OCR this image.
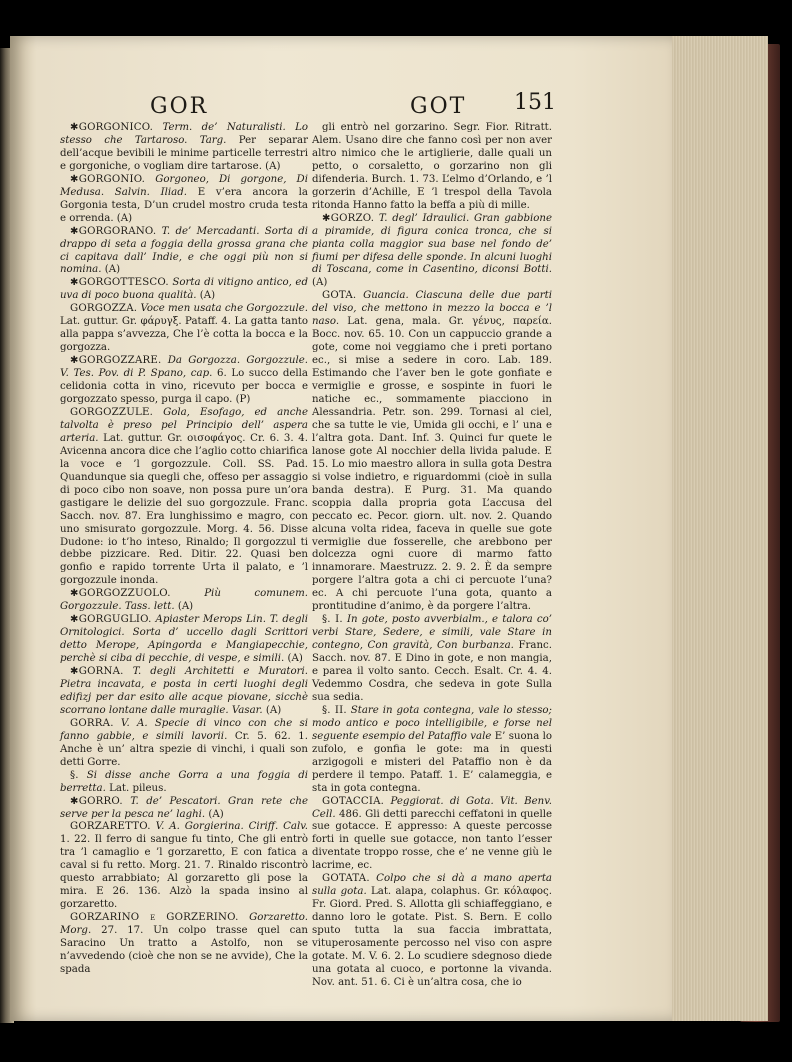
GOR	GOT 151

✱GORGONICO. Term. de’ Naturalisti. Lo stesso che Tartaroso. Targ. Per separar dell’acque bevibili le minime particelle terrestri e gorgoniche, o vogliam dire tartarose. (A)

✱GORGONIO. Gorgoneo, Di gorgone, Di Medusa. Salvin. Iliad. E v’era ancora la Gorgonia testa, D’un crudel mostro cruda testa e orrenda. (A)

✱GORGORANO. T. de’ Mercadanti. Sorta di drappo di seta a foggia della grossa grana che ci capitava dall’ Indie, e che oggi più non si nomina. (A)

✱GORGOTTESCO. Sorta di vitigno antico, ed uva di poco buona qualità. (A)

GORGOZZA. Voce men usata che Gorgozzule. Lat. guttur. Gr. φάρυγξ. Pataff. 4. La gatta tanto alla pappa s’avvezza, Che l’è cotta la bocca e la gorgozza.

✱GORGOZZARE. Da Gorgozza. Gorgozzule. V. Tes. Pov. di P. Spano, cap. 6. Lo succo della celidonia cotta in vino, ricevuto per bocca e gorgozzato spesso, purga il capo. (P)

GORGOZZULE. Gola, Esofago, ed anche talvolta è preso pel Principio dell’ aspera arteria. Lat. guttur. Gr. οισοφάγος. Cr. 6. 3. 4. Avicenna ancora dice che l’aglio cotto chiarifica la voce e ’l gorgozzule. Coll. SS. Pad. Quandunque sia quegli che, offeso per assaggio di poco cibo non soave, non possa pure un’ora gastigare le delizie del suo gorgozzule. Franc. Sacch. nov. 87. Era lunghissimo e magro, con uno smisurato gorgozzule. Morg. 4. 56. Disse Dudone: io t’ho inteso, Rinaldo; Il gorgozzul ti debbe pizzicare. Red. Ditir. 22. Quasi ben gonfio e rapido torrente Urta il palato, e ’l gorgozzule inonda.

✱GORGOZZUOLO.	Più comunem. Gorgozzule. Tass. lett. (A)

✱GORGUGLIO. Apiaster Merops Lin. T. degli Ornitologici. Sorta d’ uccello dagli Scrittori detto Merope, Apingorda e Mangiapecchie, perchè si ciba di pecchie, di vespe, e simili. (A)

✱GORNA. T. degli Architetti e Muratori. Pietra incavata, e posta in certi luoghi degli edifizj per dar esito alle acque piovane, sicchè scorrano lontane dalle muraglie. Vasar. (A)

GORRA. V. A. Specie di vinco con che si fanno gabbie, e simili lavorii. Cr. 5. 62. 1. Anche è un’ altra spezie di vinchi, i quali son detti Gorre.

§. Si disse anche Gorra a una foggia di berretta. Lat. pileus.

✱GORRO. T. de’ Pescatori. Gran rete che serve per la pesca ne’ laghi. (A)

GORZARETTO. V. A. Gorgierina. Ciriff. Calv. 1. 22. Il ferro di sangue fu tinto, Che gli entrò tra ’l camaglio e ’l gorzaretto, E con fatica a caval si fu retto. Morg. 21. 7. Rinaldo riscontrò questo arrabbiato; Al gorzaretto gli pose la mira. E 26. 136. Alzò la spada insino al gorzaretto.

GORZARINO e GORZERINO. Gorzaretto. Morg. 27. 17. Un colpo trasse quel can Saracino Un tratto a Astolfo, non se n’avvedendo (cioè che non se ne avvide), Che la spada

gli entrò nel gorzarino. Segr. Fior. Ritratt. Alem. Usano dire che fanno così per non aver altro nimico che le artiglierie, dalle quali un petto, o corsaletto, o gorzarino non gli difenderia. Burch. 1. 73. L’elmo d’Orlando, e ’l gorzerin d’Achille, E ’l trespol della Tavola ritonda Hanno fatto la beffa a più di mille.

✱GORZO. T. degl’ Idraulici. Gran gabbione a piramide, di figura conica tronca, che si pianta colla maggior sua base nel fondo de’ fiumi per difesa delle sponde. In alcuni luoghi di Toscana, come in Casentino, diconsi Botti. (A)

GOTA. Guancia. Ciascuna delle due parti del viso, che mettono in mezzo la bocca e ’l naso. Lat. gena, mala. Gr. γένυς, παρεία. Bocc. nov. 65. 10. Con un cappuccio grande a gote, come noi veggiamo che i preti portano ec., si mise a sedere in coro. Lab. 189. Estimando che l’aver ben le gote gonfiate e vermiglie e grosse, e sospinte in fuori le natiche ec., sommamente piacciono in Alessandria. Petr. son. 299. Tornasi al ciel, che sa tutte le vie, Umida gli occhi, e l’ una e l’altra gota. Dant. Inf. 3. Quinci fur quete le lanose gote Al nocchier della livida palude. E 15. Lo mio maestro allora in sulla gota Destra si volse indietro, e riguardommi (cioè in sulla banda destra). E Purg. 31. Ma quando scoppia dalla propria gota L’accusa del peccato ec. Pecor. giorn. ult. nov. 2. Quando alcuna volta ridea, faceva in quelle sue gote vermiglie due fosserelle, che arebbono per dolcezza ogni cuore di marmo fatto innamorare. Maestruzz. 2. 9. 2. È da sempre porgere l’altra gota a chi ci percuote l’una? ec. A chi percuote l’una gota, quanto a prontitudine d’animo, è da porgere l’altra.

§. I. In gote, posto avverbialm., e talora co’ verbi Stare, Sedere, e simili, vale Stare in contegno, Con gravità, Con burbanza. Franc. Sacch. nov. 87. E Dino in gote, e non mangia, e parea il volto santo. Cecch. Esalt. Cr. 4. 4. Vedemmo Cosdra, che sedeva in gote Sulla sua sedia.

§. II. Stare in gota contegna, vale lo stesso; modo antico e poco intelligibile, e forse nel seguente esempio del Pataffio vale E’ suona lo zufolo, e gonfia le gote: ma in questi arzigogoli e misteri del Pataffio non è da perdere il tempo. Pataff. 1. E’ calameggia, e sta in gota contegna.

GOTACCIA. Peggiorat. di Gota. Vit. Benv. Cell. 486. Gli detti parecchi ceffatoni in quelle sue gotacce. E appresso: A queste percosse forti in quelle sue gotacce, non tanto l’esser diventate troppo rosse, che e’ ne venne giù le lacrime, ec.

GOTATA. Colpo che si dà a mano aperta sulla gota. Lat. alapa, colaphus. Gr. κόλαφος. Fr. Giord. Pred. S. Allotta gli schiaffeggiano, e danno loro le gotate. Pist. S. Bern. E collo sputo tutta la sua faccia imbrattata, vituperosamente percosso nel viso con aspre gotate. M. V. 6. 2. Lo scudiere sdegnoso diede una gotata al cuoco, e portonne la vivanda. Nov. ant. 51. 6. Ci è un’altra cosa, che io
